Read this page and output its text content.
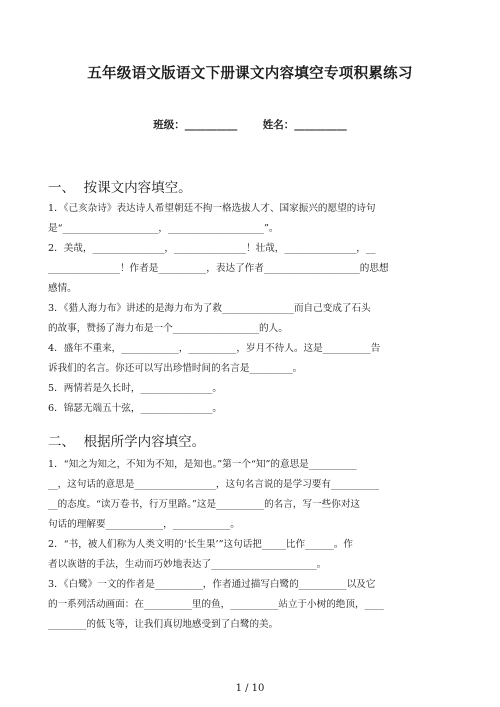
五年级语文版语文下册课文内容填空专项积累练习
班级：__________ 姓名：__________
一、  按课文内容填空。
1．《己亥杂诗》表达诗人希望朝廷不拘一格选拔人才、国家振兴的愿望的诗句
是“____________________，____________________”。
2．美哉，_______________，_______________！壮哉，_______________，__
_______________！作者是__________，表达了作者____________________的思想
感情。
3．《猎人海力布》讲述的是海力布为了救_______________而自己变成了石头
的故事，赞扬了海力布是一个__________________的人。
4．盛年不重来，____________，__________，岁月不待人。这是__________告
诉我们的名言。你还可以写出珍惜时间的名言是_________。
5．两情若是久长时，_______________。
6．锦瑟无端五十弦，_______________。
二、  根据所学内容填空。
1．“知之为知之，不知为不知，是知也。”第一个“知”的意思是__________
__，这句话的意思是_________________，这句名言说的是学习要有__________
__的态度。“读万卷书，行万里路。”这是__________的名言，写一些你对这
句话的理解要____________，____________。
2．“书，被人们称为人类文明的‘长生果’”这句话把_____比作______。作
者以诙谐的手法，生动而巧妙地表达了______________________。
3．《白鹭》一文的作者是__________，作者通过描写白鹭的__________以及它
的一系列活动画面：在__________里的鱼，__________站立于小树的绝顶，____
________的低飞等，让我们真切地感受到了白鹭的美。
1 / 10
